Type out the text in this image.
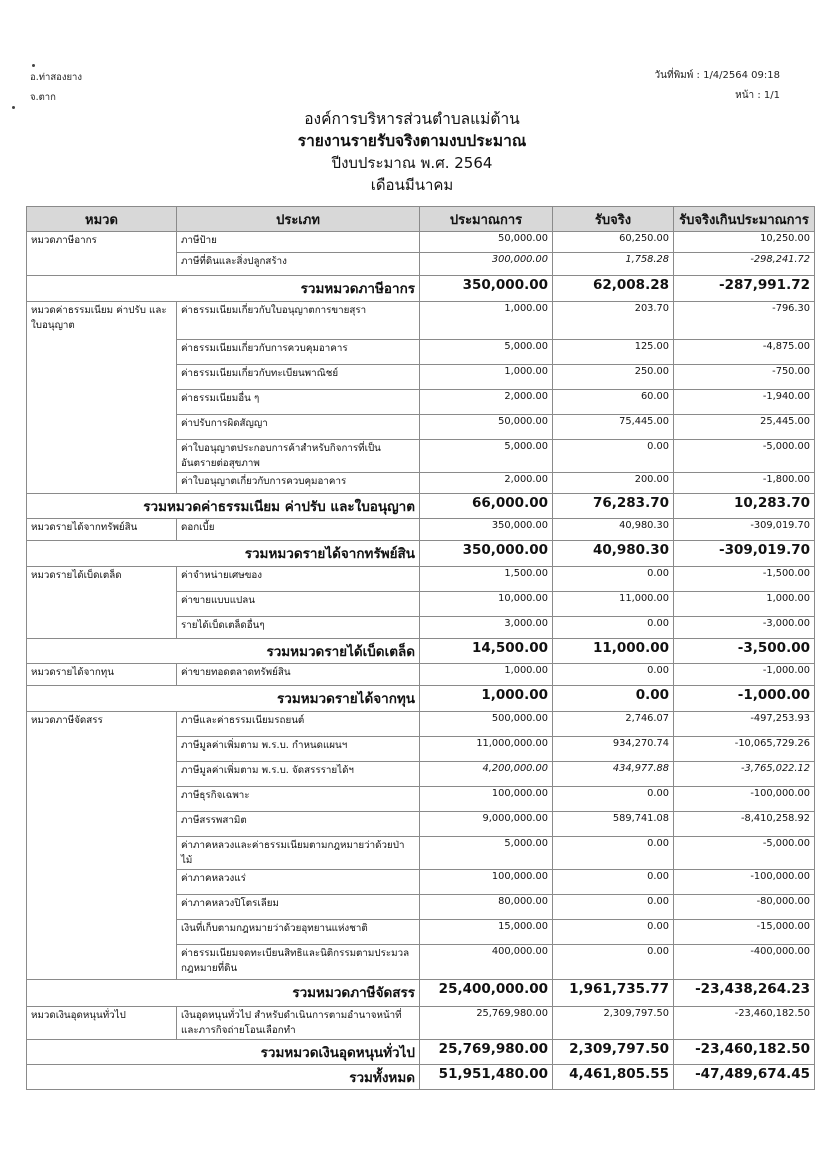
อ.ท่าสองยาง
จ.ตาก
วันที่พิมพ์ : 1/4/2564 09:18
หน้า : 1/1
องค์การบริหารส่วนตำบลแม่ต้าน
รายงานรายรับจริงตามงบประมาณ
ปีงบประมาณ พ.ศ. 2564
เดือนมีนาคม
หมวด	ประเภท	ประมาณการ	รับจริง	รับจริงเกินประมาณการ
หมวดภาษีอากร	ภาษีป้าย	50,000.00	60,250.00	10,250.00
	ภาษีที่ดินและสิ่งปลูกสร้าง	300,000.00	1,758.28	-298,241.72
รวมหมวดภาษีอากร		350,000.00	62,008.28	-287,991.72
หมวดค่าธรรมเนียม ค่าปรับ และใบอนุญาต	ค่าธรรมเนียมเกี่ยวกับใบอนุญาตการขายสุรา	1,000.00	203.70	-796.30
	ค่าธรรมเนียมเกี่ยวกับการควบคุมอาคาร	5,000.00	125.00	-4,875.00
	ค่าธรรมเนียมเกี่ยวกับทะเบียนพาณิชย์	1,000.00	250.00	-750.00
	ค่าธรรมเนียมอื่น ๆ	2,000.00	60.00	-1,940.00
	ค่าปรับการผิดสัญญา	50,000.00	75,445.00	25,445.00
	ค่าใบอนุญาตประกอบการค้าสำหรับกิจการที่เป็นอันตรายต่อสุขภาพ	5,000.00	0.00	-5,000.00
	ค่าใบอนุญาตเกี่ยวกับการควบคุมอาคาร	2,000.00	200.00	-1,800.00
รวมหมวดค่าธรรมเนียม ค่าปรับ และใบอนุญาต		66,000.00	76,283.70	10,283.70
หมวดรายได้จากทรัพย์สิน	ดอกเบี้ย	350,000.00	40,980.30	-309,019.70
รวมหมวดรายได้จากทรัพย์สิน		350,000.00	40,980.30	-309,019.70
หมวดรายได้เบ็ดเตล็ด	ค่าจำหน่ายเศษของ	1,500.00	0.00	-1,500.00
	ค่าขายแบบแปลน	10,000.00	11,000.00	1,000.00
	รายได้เบ็ดเตล็ดอื่นๆ	3,000.00	0.00	-3,000.00
รวมหมวดรายได้เบ็ดเตล็ด		14,500.00	11,000.00	-3,500.00
หมวดรายได้จากทุน	ค่าขายทอดตลาดทรัพย์สิน	1,000.00	0.00	-1,000.00
รวมหมวดรายได้จากทุน		1,000.00	0.00	-1,000.00
หมวดภาษีจัดสรร	ภาษีและค่าธรรมเนียมรถยนต์	500,000.00	2,746.07	-497,253.93
	ภาษีมูลค่าเพิ่มตาม พ.ร.บ. กำหนดแผนฯ	11,000,000.00	934,270.74	-10,065,729.26
	ภาษีมูลค่าเพิ่มตาม พ.ร.บ. จัดสรรรายได้ฯ	4,200,000.00	434,977.88	-3,765,022.12
	ภาษีธุรกิจเฉพาะ	100,000.00	0.00	-100,000.00
	ภาษีสรรพสามิต	9,000,000.00	589,741.08	-8,410,258.92
	ค่าภาคหลวงและค่าธรรมเนียมตามกฎหมายว่าด้วยป่าไม้	5,000.00	0.00	-5,000.00
	ค่าภาคหลวงแร่	100,000.00	0.00	-100,000.00
	ค่าภาคหลวงปิโตรเลียม	80,000.00	0.00	-80,000.00
	เงินที่เก็บตามกฎหมายว่าด้วยอุทยานแห่งชาติ	15,000.00	0.00	-15,000.00
	ค่าธรรมเนียมจดทะเบียนสิทธิและนิติกรรมตามประมวลกฎหมายที่ดิน	400,000.00	0.00	-400,000.00
รวมหมวดภาษีจัดสรร		25,400,000.00	1,961,735.77	-23,438,264.23
หมวดเงินอุดหนุนทั่วไป	เงินอุดหนุนทั่วไป สำหรับดำเนินการตามอำนาจหน้าที่และภารกิจถ่ายโอนเลือกทำ	25,769,980.00	2,309,797.50	-23,460,182.50
รวมหมวดเงินอุดหนุนทั่วไป		25,769,980.00	2,309,797.50	-23,460,182.50
รวมทั้งหมด		51,951,480.00	4,461,805.55	-47,489,674.45
